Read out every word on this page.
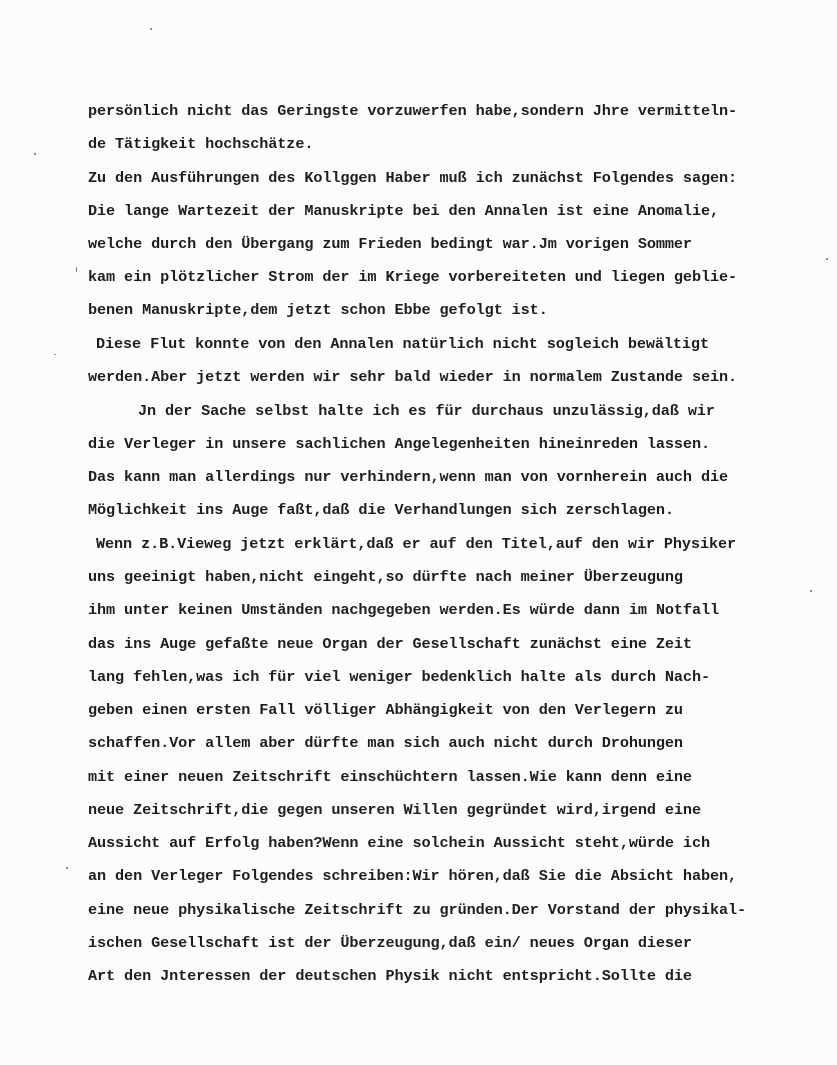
persönlich nicht das Geringste vorzuwerfen habe,sondern Jhre vermitteln-
de Tätigkeit hochschätze.
Zu den Ausführungen des Kollggen Haber muß ich zunächst Folgendes sagen:
Die lange Wartezeit der Manuskripte bei den Annalen ist eine Anomalie,
welche durch den Übergang zum Frieden bedingt war.Jm vorigen Sommer
kam ein plötzlicher Strom der im Kriege vorbereiteten und liegen geblie-
benen Manuskripte,dem jetzt schon Ebbe gefolgt ist.
Diese Flut konnte von den Annalen natürlich nicht sogleich bewältigt
werden.Aber jetzt werden wir sehr bald wieder in normalem Zustande sein.
Jn der Sache selbst halte ich es für durchaus unzulässig,daß wir
die Verleger in unsere sachlichen Angelegenheiten hineinreden lassen.
Das kann man allerdings nur verhindern,wenn man von vornherein auch die
Möglichkeit ins Auge faßt,daß die Verhandlungen sich zerschlagen.
Wenn z.B.Vieweg jetzt erklärt,daß er auf den Titel,auf den wir Physiker
uns geeinigt haben,nicht eingeht,so dürfte nach meiner Überzeugung
ihm unter keinen Umständen nachgegeben werden.Es würde dann im Notfall
das ins Auge gefaßte neue Organ der Gesellschaft zunächst eine Zeit
lang fehlen,was ich für viel weniger bedenklich halte als durch Nach-
geben einen ersten Fall völliger Abhängigkeit von den Verlegern zu
schaffen.Vor allem aber dürfte man sich auch nicht durch Drohungen
mit einer neuen Zeitschrift einschüchtern lassen.Wie kann denn eine
neue Zeitschrift,die gegen unseren Willen gegründet wird,irgend eine
Aussicht auf Erfolg haben?Wenn eine solchein Aussicht steht,würde ich
an den Verleger Folgendes schreiben:Wir hören,daß Sie die Absicht haben,
eine neue physikalische Zeitschrift zu gründen.Der Vorstand der physikal-
ischen Gesellschaft ist der Überzeugung,daß ein/ neues Organ dieser
Art den Jnteressen der deutschen Physik nicht entspricht.Sollte die
